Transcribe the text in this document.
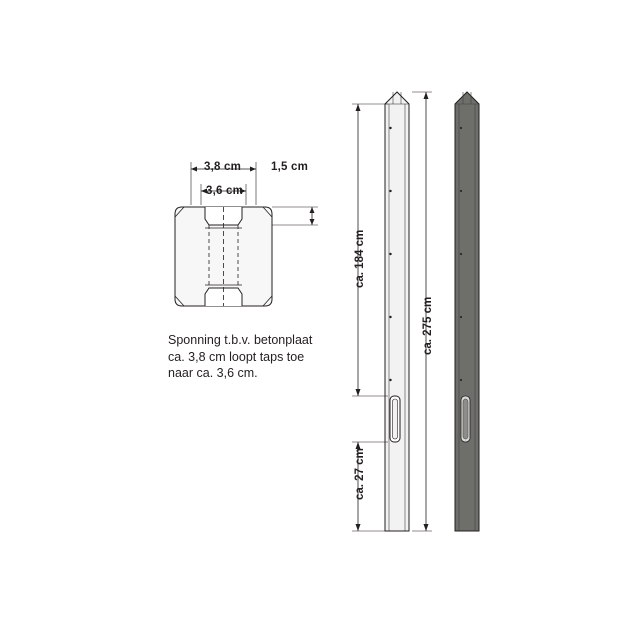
3,8 cm
3,6 cm
1,5 cm
Sponning t.b.v. betonplaat
ca. 3,8 cm loopt taps toe
naar ca. 3,6 cm.
ca. 184 cm
ca. 27 cm
ca. 275 cm
